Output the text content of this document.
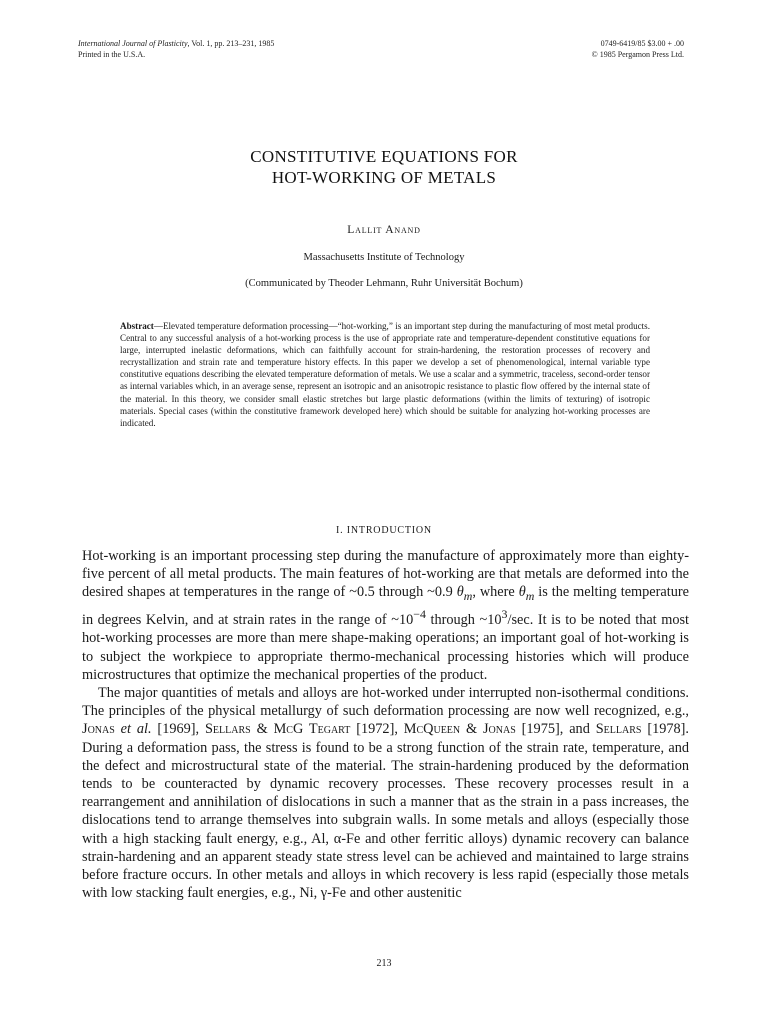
International Journal of Plasticity, Vol. 1, pp. 213–231, 1985
Printed in the U.S.A.
0749-6419/85 $3.00 + .00
© 1985 Pergamon Press Ltd.
CONSTITUTIVE EQUATIONS FOR
HOT-WORKING OF METALS
Lallit Anand
Massachusetts Institute of Technology
(Communicated by Theoder Lehmann, Ruhr Universität Bochum)
Abstract—Elevated temperature deformation processing—“hot-working,” is an important step during the manufacturing of most metal products. Central to any successful analysis of a hot-working process is the use of appropriate rate and temperature-dependent constitutive equations for large, interrupted inelastic deformations, which can faithfully account for strain-hardening, the restoration processes of recovery and recrystallization and strain rate and temperature history effects. In this paper we develop a set of phenomenological, internal variable type constitutive equations describing the elevated temperature deformation of metals. We use a scalar and a symmetric, traceless, second-order tensor as internal variables which, in an average sense, represent an isotropic and an anisotropic resistance to plastic flow offered by the internal state of the material. In this theory, we consider small elastic stretches but large plastic deformations (within the limits of texturing) of isotropic materials. Special cases (within the constitutive framework developed here) which should be suitable for analyzing hot-working processes are indicated.
I. INTRODUCTION

Hot-working is an important processing step during the manufacture of approximately more than eighty-five percent of all metal products. The main features of hot-working are that metals are deformed into the desired shapes at temperatures in the range of ~0.5 through ~0.9 $\theta_m$, where $\theta_m$ is the melting temperature in degrees Kelvin, and at strain rates in the range of $\sim 10^{-4}$ through $\sim 10^3/\sec$. It is to be noted that most hot-working processes are more than mere shape-making operations; an important goal of hot-working is to subject the workpiece to appropriate thermo-mechanical processing histories which will produce microstructures that optimize the mechanical properties of the product.

The major quantities of metals and alloys are hot-worked under interrupted non-isothermal conditions. The principles of the physical metallurgy of such deformation processing are now well recognized, e.g., Jonas et al. [1969], Sellars & McG Tegart [1972], McQueen & Jonas [1975], and Sellars [1978]. During a deformation pass, the stress is found to be a strong function of the strain rate, temperature, and the defect and microstructural state of the material. The strain-hardening produced by the deformation tends to be counteracted by dynamic recovery processes. These recovery processes result in a rearrangement and annihilation of dislocations in such a manner that as the strain in a pass increases, the dislocations tend to arrange themselves into subgrain walls. In some metals and alloys (especially those with a high stacking fault energy, e.g., Al, α-Fe and other ferritic alloys) dynamic recovery can balance strain-hardening and an apparent steady state stress level can be achieved and maintained to large strains before fracture occurs. In other metals and alloys in which recovery is less rapid (especially those metals with low stacking fault energies, e.g., Ni, γ-Fe and other austenitic

213
